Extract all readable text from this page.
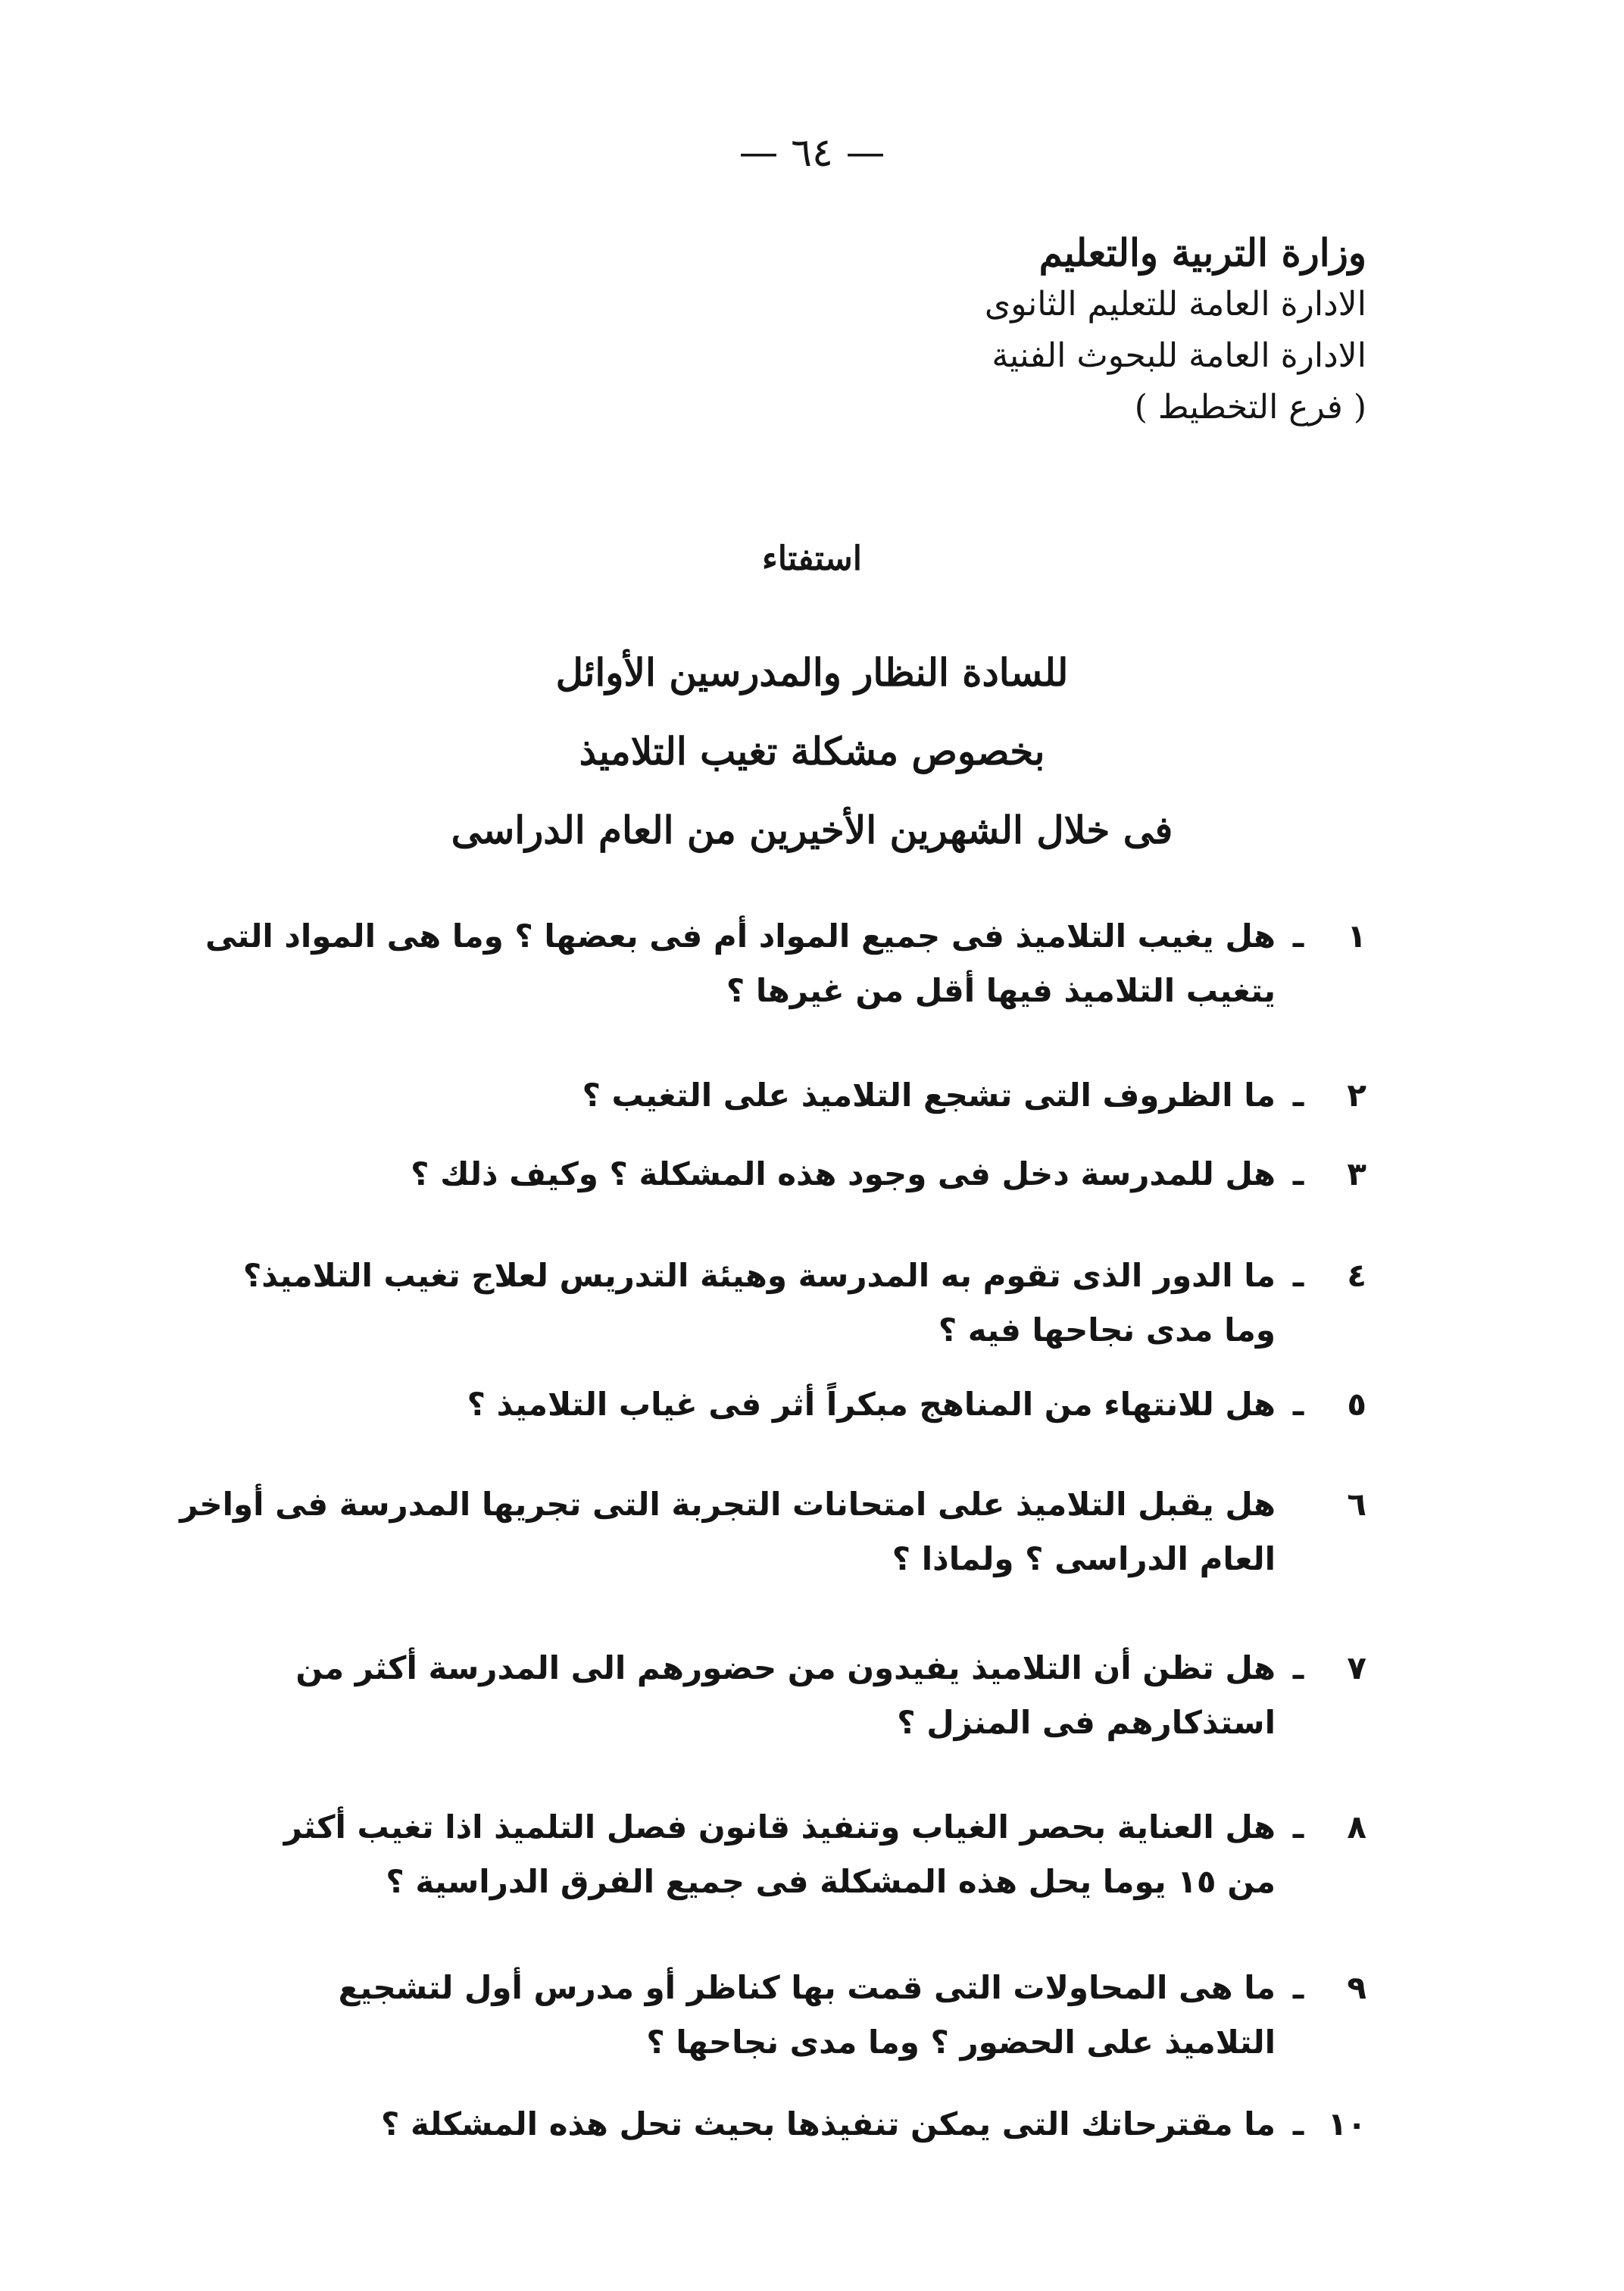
— ٦٤ —
وزارة التربية والتعليم
الادارة العامة للتعليم الثانوى
الادارة العامة للبحوث الفنية
( فرع التخطيط )
استفتاء
للسادة النظار والمدرسين الأوائل
بخصوص مشكلة تغيب التلاميذ
فى خلال الشهرين الأخيرين من العام الدراسى
١ـهل يغيب التلاميذ فى جميع المواد أم فى بعضها ؟ وما هى المواد التى
يتغيب التلاميذ فيها أقل من غيرها ؟
٢ـما الظروف التى تشجع التلاميذ على التغيب ؟
٣ـهل للمدرسة دخل فى وجود هذه المشكلة ؟ وكيف ذلك ؟
٤ـما الدور الذى تقوم به المدرسة وهيئة التدريس لعلاج تغيب التلاميذ؟
وما مدى نجاحها فيه ؟
٥ـهل للانتهاء من المناهج مبكراً أثر فى غياب التلاميذ ؟
٦هل يقبل التلاميذ على امتحانات التجربة التى تجريها المدرسة فى أواخر
العام الدراسى ؟ ولماذا ؟
٧ـهل تظن أن التلاميذ يفيدون من حضورهم الى المدرسة أكثر من
استذكارهم فى المنزل ؟
٨ـهل العناية بحصر الغياب وتنفيذ قانون فصل التلميذ اذا تغيب أكثر
من ١٥ يوما يحل هذه المشكلة فى جميع الفرق الدراسية ؟
٩ـما هى المحاولات التى قمت بها كناظر أو مدرس أول لتشجيع
التلاميذ على الحضور ؟ وما مدى نجاحها ؟
١٠ـما مقترحاتك التى يمكن تنفيذها بحيث تحل هذه المشكلة ؟
